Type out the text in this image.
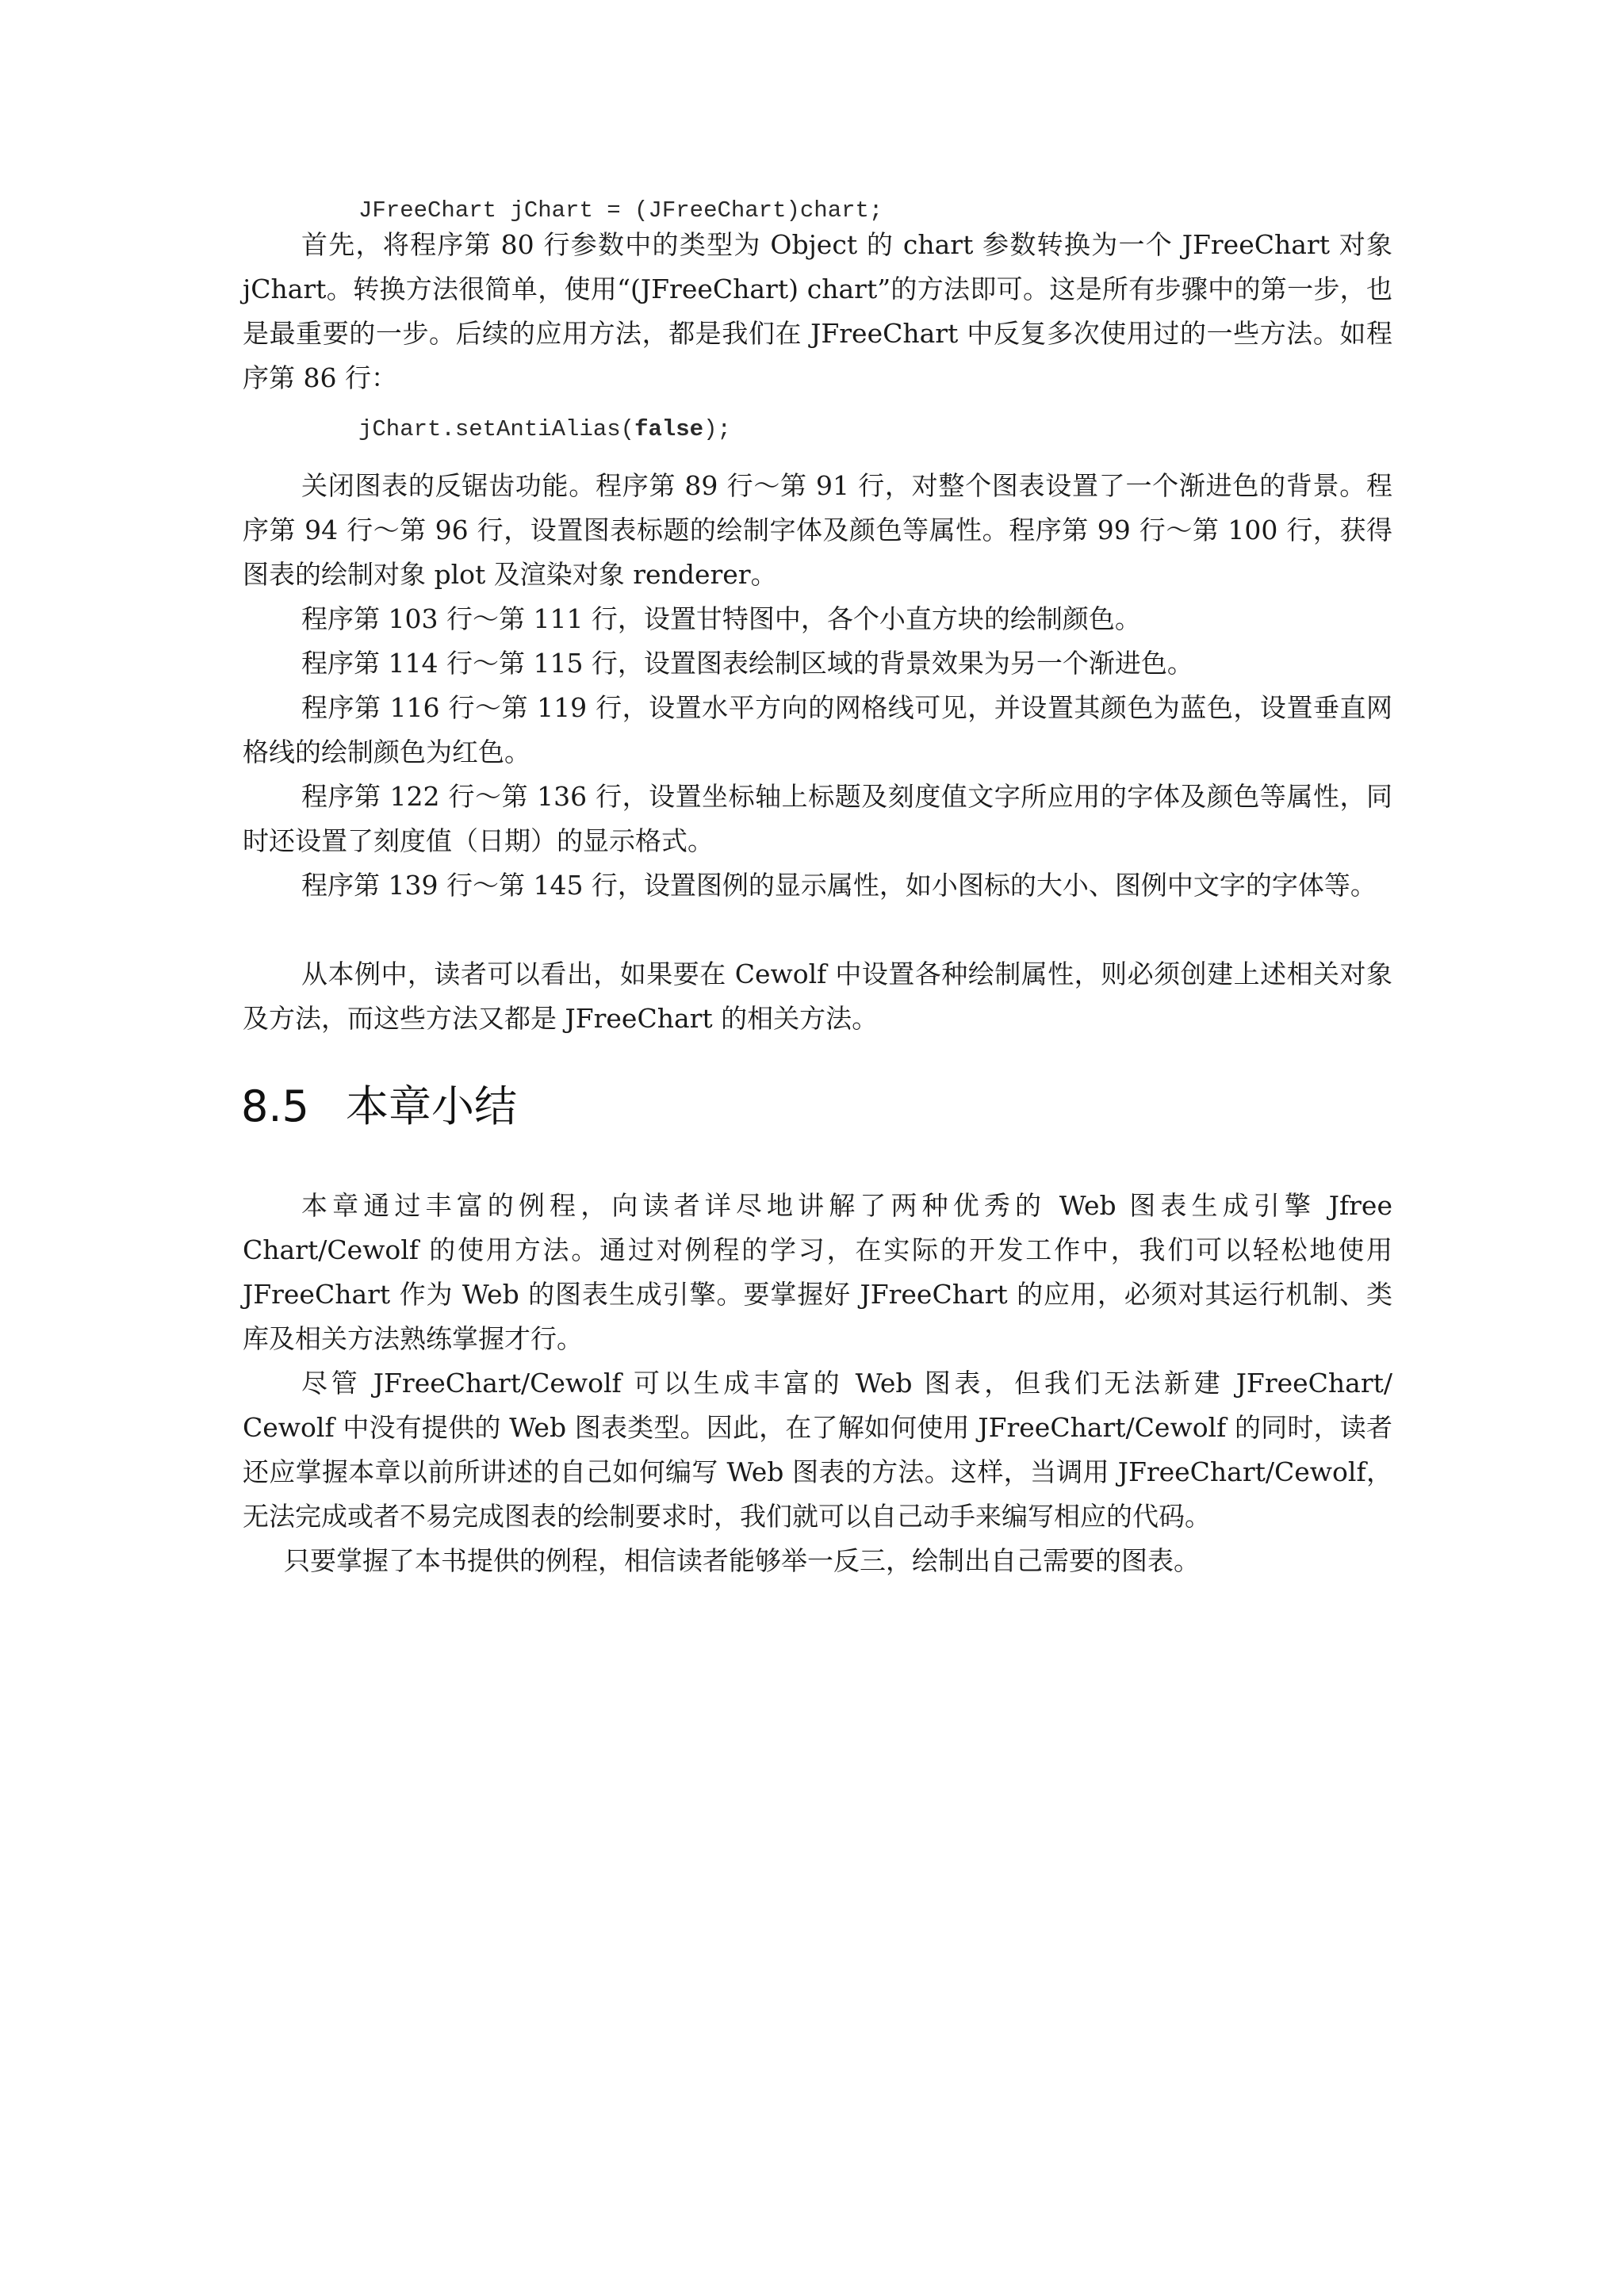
JFreeChart jChart = (JFreeChart)chart;

首先，将程序第 80 行参数中的类型为 Object 的 chart 参数转换为一个 JFreeChart 对象 jChart。转换方法很简单，使用“(JFreeChart) chart”的方法即可。这是所有步骤中的第一步，也是最重要的一步。后续的应用方法，都是我们在 JFreeChart 中反复多次使用过的一些方法。如程序第 86 行：

jChart.setAntiAlias(false);

关闭图表的反锯齿功能。程序第 89 行～第 91 行，对整个图表设置了一个渐进色的背景。程序第 94 行～第 96 行，设置图表标题的绘制字体及颜色等属性。程序第 99 行～第 100 行，获得图表的绘制对象 plot 及渲染对象 renderer。

程序第 103 行～第 111 行，设置甘特图中，各个小直方块的绘制颜色。

程序第 114 行～第 115 行，设置图表绘制区域的背景效果为另一个渐进色。

程序第 116 行～第 119 行，设置水平方向的网格线可见，并设置其颜色为蓝色，设置垂直网格线的绘制颜色为红色。

程序第 122 行～第 136 行，设置坐标轴上标题及刻度值文字所应用的字体及颜色等属性，同时还设置了刻度值（日期）的显示格式。

程序第 139 行～第 145 行，设置图例的显示属性，如小图标的大小、图例中文字的字体等。

从本例中，读者可以看出，如果要在 Cewolf 中设置各种绘制属性，则必须创建上述相关对象及方法，而这些方法又都是 JFreeChart 的相关方法。

8.5 本章小结

本章通过丰富的例程，向读者详尽地讲解了两种优秀的 Web 图表生成引擎 Jfree Chart/Cewolf 的使用方法。通过对例程的学习，在实际的开发工作中，我们可以轻松地使用 JFreeChart 作为 Web 的图表生成引擎。要掌握好 JFreeChart 的应用，必须对其运行机制、类库及相关方法熟练掌握才行。

尽管 JFreeChart/Cewolf 可以生成丰富的 Web 图表，但我们无法新建 JFreeChart/ Cewolf 中没有提供的 Web 图表类型。因此，在了解如何使用 JFreeChart/Cewolf 的同时，读者还应掌握本章以前所讲述的自己如何编写 Web 图表的方法。这样，当调用 JFreeChart/Cewolf，无法完成或者不易完成图表的绘制要求时，我们就可以自己动手来编写相应的代码。

只要掌握了本书提供的例程，相信读者能够举一反三，绘制出自己需要的图表。
